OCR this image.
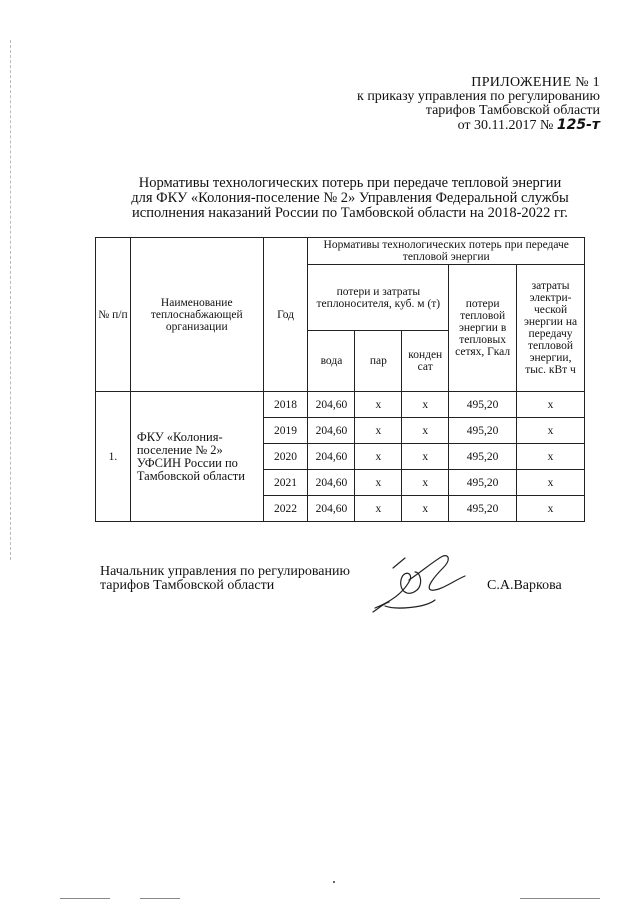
ПРИЛОЖЕНИЕ № 1
к приказу управления по регулированию
тарифов Тамбовской области
от 30.11.2017 № 125-т
Нормативы технологических потерь при передаче тепловой энергии
для ФКУ «Колония-поселение № 2» Управления Федеральной службы
исполнения наказаний России по Тамбовской области на 2018-2022 гг.
№ п/п	Наименование теплоснабжающей организации	Год	Нормативы технологических потерь при передаче тепловой энергии				
			потери и затраты теплоносителя, куб. м (т)			потери тепловой энергии в тепловых сетях, Гкал	затраты электри-ческой энергии на передачу тепловой энергии, тыс. кВт ч
			вода	пар	конден сат		
1.	ФКУ «Колония-поселение № 2» УФСИН России по Тамбовской области	2018	204,60	х	х	495,20	х
		2019	204,60	х	х	495,20	х
		2020	204,60	х	х	495,20	х
		2021	204,60	х	х	495,20	х
		2022	204,60	х	х	495,20	х
Начальник управления по регулированию
тарифов Тамбовской области	С.А.Варкова
